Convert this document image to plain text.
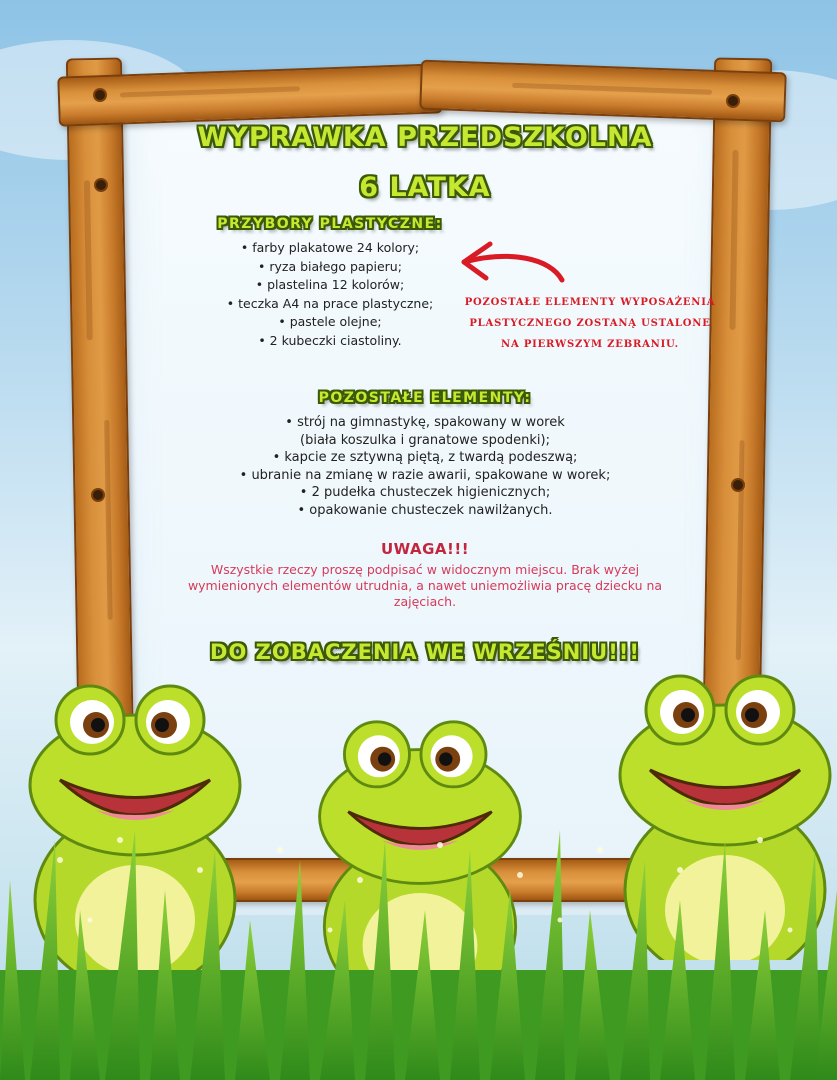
WYPRAWKA PRZEDSZKOLNA
6 LATKA
PRZYBORY PLASTYCZNE:
• farby plakatowe 24 kolory;
• ryza białego papieru;
• plastelina 12 kolorów;
• teczka A4 na prace plastyczne;
• pastele olejne;
• 2 kubeczki ciastoliny.
POZOSTAŁE ELEMENTY WYPOSAŻENIA
PLASTYCZNEGO ZOSTANĄ USTALONE
NA PIERWSZYM ZEBRANIU.
POZOSTAŁE ELEMENTY:
• strój na gimnastykę, spakowany w worek
(biała koszulka i granatowe spodenki);
• kapcie ze sztywną piętą, z twardą podeszwą;
• ubranie na zmianę w razie awarii, spakowane w worek;
• 2 pudełka chusteczek higienicznych;
• opakowanie chusteczek nawilżanych.
UWAGA!!!
Wszystkie rzeczy proszę podpisać w widocznym miejscu. Brak wyżej wymienionych elementów utrudnia, a nawet uniemożliwia pracę dziecku na zajęciach.
DO ZOBACZENIA WE WRZEŚNIU!!!
